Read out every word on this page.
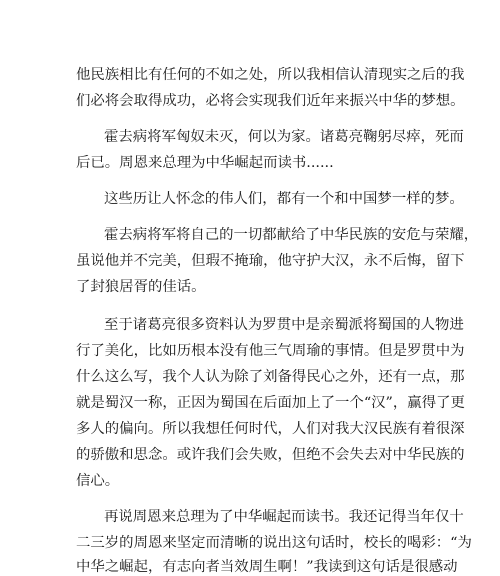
他民族相比有任何的不如之处，所以我相信认清现实之后的我
们必将会取得成功，必将会实现我们近年来振兴中华的梦想。
霍去病将军匈奴未灭，何以为家。诸葛亮鞠躬尽瘁，死而
后已。周恩来总理为中华崛起而读书......
这些历让人怀念的伟人们，都有一个和中国梦一样的梦。
霍去病将军将自己的一切都献给了中华民族的安危与荣耀，
虽说他并不完美，但瑕不掩瑜，他守护大汉，永不后悔，留下
了封狼居胥的佳话。
至于诸葛亮很多资料认为罗贯中是亲蜀派将蜀国的人物进
行了美化，比如历根本没有他三气周瑜的事情。但是罗贯中为
什么这么写，我个人认为除了刘备得民心之外，还有一点，那
就是蜀汉一称，正因为蜀国在后面加上了一个“汉”，赢得了更
多人的偏向。所以我想任何时代，人们对我大汉民族有着很深
的骄傲和思念。或许我们会失败，但绝不会失去对中华民族的
信心。
再说周恩来总理为了中华崛起而读书。我还记得当年仅十
二三岁的周恩来坚定而清晰的说出这句话时，校长的喝彩：“为
中华之崛起，有志向者当效周生啊！”我读到这句话是很感动
